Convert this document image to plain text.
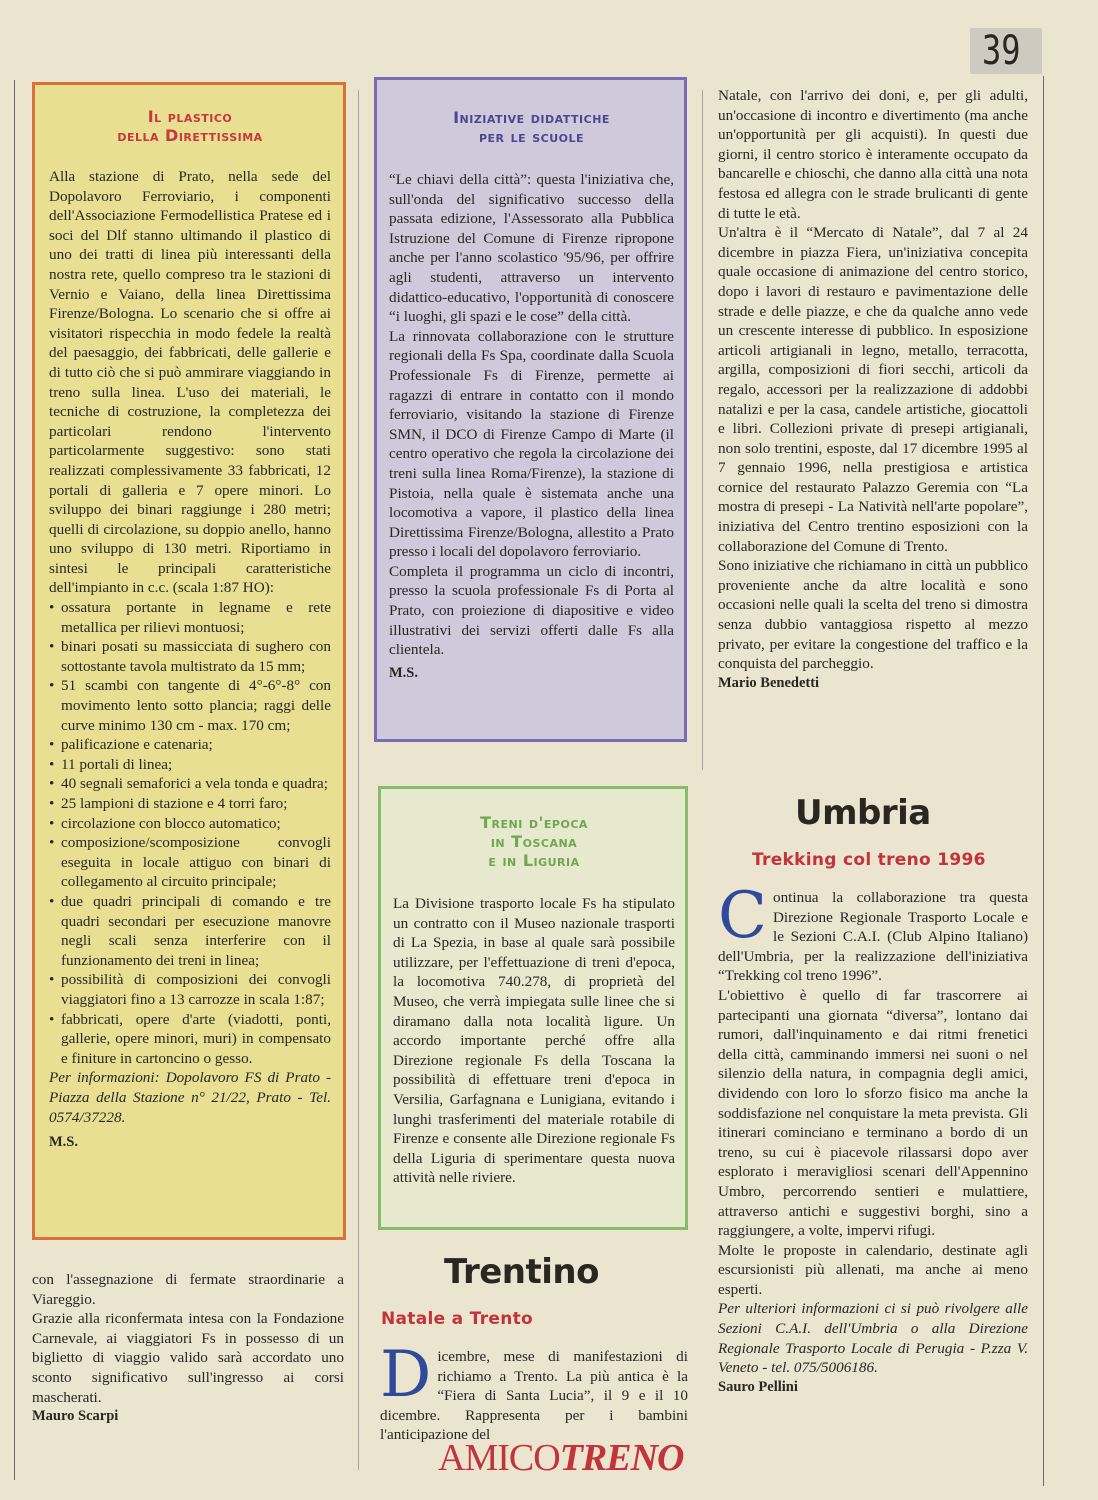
39
Il plastico
della Direttissima

Alla stazione di Prato, nella sede del Dopolavoro Ferroviario, i componenti dell'Associazione Fermodellistica Pratese ed i soci del Dlf stanno ultimando il plastico di uno dei tratti di linea più interessanti della nostra rete, quello compreso tra le stazioni di Vernio e Vaiano, della linea Direttissima Firenze/Bologna. Lo scenario che si offre ai visitatori rispecchia in modo fedele la realtà del paesaggio, dei fabbricati, delle gallerie e di tutto ciò che si può ammirare viaggiando in treno sulla linea. L'uso dei materiali, le tecniche di costruzione, la completezza dei particolari rendono l'intervento particolarmente suggestivo: sono stati realizzati complessivamente 33 fabbricati, 12 portali di galleria e 7 opere minori. Lo sviluppo dei binari raggiunge i 280 metri; quelli di circolazione, su doppio anello, hanno uno sviluppo di 130 metri. Riportiamo in sintesi le principali caratteristiche dell'impianto in c.c. (scala 1:87 HO):

• ossatura portante in legname e rete metallica per rilievi montuosi;

• binari posati su massicciata di sughero con sottostante tavola multistrato da 15 mm;

• 51 scambi con tangente di 4°-6°-8° con movimento lento sotto plancia; raggi delle curve minimo 130 cm - max. 170 cm;

• palificazione e catenaria;

• 11 portali di linea;

• 40 segnali semaforici a vela tonda e quadra;

• 25 lampioni di stazione e 4 torri faro;

• circolazione con blocco automatico;

• composizione/scomposizione convogli eseguita in locale attiguo con binari di collegamento al circuito principale;

• due quadri principali di comando e tre quadri secondari per esecuzione manovre negli scali senza interferire con il funzionamento dei treni in linea;

• possibilità di composizioni dei convogli viaggiatori fino a 13 carrozze in scala 1:87;

• fabbricati, opere d'arte (viadotti, ponti, gallerie, opere minori, muri) in compensato e finiture in cartoncino o gesso.

Per informazioni: Dopolavoro FS di Prato - Piazza della Stazione n° 21/22, Prato - Tel. 0574/37228.

M.S.

con l'assegnazione di fermate straordinarie a Viareggio.

Grazie alla riconfermata intesa con la Fondazione Carnevale, ai viaggiatori Fs in possesso di un biglietto di viaggio valido sarà accordato uno sconto significativo sull'ingresso ai corsi mascherati.

Mauro Scarpi

Iniziative didattiche
per le scuole

“Le chiavi della città”: questa l'iniziativa che, sull'onda del significativo successo della passata edizione, l'Assessorato alla Pubblica Istruzione del Comune di Firenze ripropone anche per l'anno scolastico '95/96, per offrire agli studenti, attraverso un intervento didattico-educativo, l'opportunità di conoscere “i luoghi, gli spazi e le cose” della città.

La rinnovata collaborazione con le strutture regionali della Fs Spa, coordinate dalla Scuola Professionale Fs di Firenze, permette ai ragazzi di entrare in contatto con il mondo ferroviario, visitando la stazione di Firenze SMN, il DCO di Firenze Campo di Marte (il centro operativo che regola la circolazione dei treni sulla linea Roma/Firenze), la stazione di Pistoia, nella quale è sistemata anche una locomotiva a vapore, il plastico della linea Direttissima Firenze/Bologna, allestito a Prato presso i locali del dopolavoro ferroviario.

Completa il programma un ciclo di incontri, presso la scuola professionale Fs di Porta al Prato, con proiezione di diapositive e video illustrativi dei servizi offerti dalle Fs alla clientela.

M.S.

Treni d'epoca
in Toscana
e in Liguria

La Divisione trasporto locale Fs ha stipulato un contratto con il Museo nazionale trasporti di La Spezia, in base al quale sarà possibile utilizzare, per l'effettuazione di treni d'epoca, la locomotiva 740.278, di proprietà del Museo, che verrà impiegata sulle linee che si diramano dalla nota località ligure. Un accordo importante perché offre alla Direzione regionale Fs della Toscana la possibilità di effettuare treni d'epoca in Versilia, Garfagnana e Lunigiana, evitando i lunghi trasferimenti del materiale rotabile di Firenze e consente alle Direzione regionale Fs della Liguria di sperimentare questa nuova attività nelle riviere.

Trentino
Natale a Trento

Dicembre, mese di manifestazioni di richiamo a Trento. La più antica è la “Fiera di Santa Lucia”, il 9 e il 10 dicembre. Rappresenta per i bambini l'anticipazione del

Natale, con l'arrivo dei doni, e, per gli adulti, un'occasione di incontro e divertimento (ma anche un'opportunità per gli acquisti). In questi due giorni, il centro storico è interamente occupato da bancarelle e chioschi, che danno alla città una nota festosa ed allegra con le strade brulicanti di gente di tutte le età.

Un'altra è il “Mercato di Natale”, dal 7 al 24 dicembre in piazza Fiera, un'iniziativa concepita quale occasione di animazione del centro storico, dopo i lavori di restauro e pavimentazione delle strade e delle piazze, e che da qualche anno vede un crescente interesse di pubblico. In esposizione articoli artigianali in legno, metallo, terracotta, argilla, composizioni di fiori secchi, articoli da regalo, accessori per la realizzazione di addobbi natalizi e per la casa, candele artistiche, giocattoli e libri. Collezioni private di presepi artigianali, non solo trentini, esposte, dal 17 dicembre 1995 al 7 gennaio 1996, nella prestigiosa e artistica cornice del restaurato Palazzo Geremia con “La mostra di presepi - La Natività nell'arte popolare”, iniziativa del Centro trentino esposizioni con la collaborazione del Comune di Trento.

Sono iniziative che richiamano in città un pubblico proveniente anche da altre località e sono occasioni nelle quali la scelta del treno si dimostra senza dubbio vantaggiosa rispetto al mezzo privato, per evitare la congestione del traffico e la conquista del parcheggio.

Mario Benedetti

Umbria
Trekking col treno 1996

Continua la collaborazione tra questa Direzione Regionale Trasporto Locale e le Sezioni C.A.I. (Club Alpino Italiano) dell'Umbria, per la realizzazione dell'iniziativa “Trekking col treno 1996”.

L'obiettivo è quello di far trascorrere ai partecipanti una giornata “diversa”, lontano dai rumori, dall'inquinamento e dai ritmi frenetici della città, camminando immersi nei suoni o nel silenzio della natura, in compagnia degli amici, dividendo con loro lo sforzo fisico ma anche la soddisfazione nel conquistare la meta prevista. Gli itinerari cominciano e terminano a bordo di un treno, su cui è piacevole rilassarsi dopo aver esplorato i meravigliosi scenari dell'Appennino Umbro, percorrendo sentieri e mulattiere, attraverso antichi e suggestivi borghi, sino a raggiungere, a volte, impervi rifugi.

Molte le proposte in calendario, destinate agli escursionisti più allenati, ma anche ai meno esperti.

Per ulteriori informazioni ci si può rivolgere alle Sezioni C.A.I. dell'Umbria o alla Direzione Regionale Trasporto Locale di Perugia - P.zza V. Veneto - tel. 075/5006186.

Sauro Pellini

AMICOTRENO
